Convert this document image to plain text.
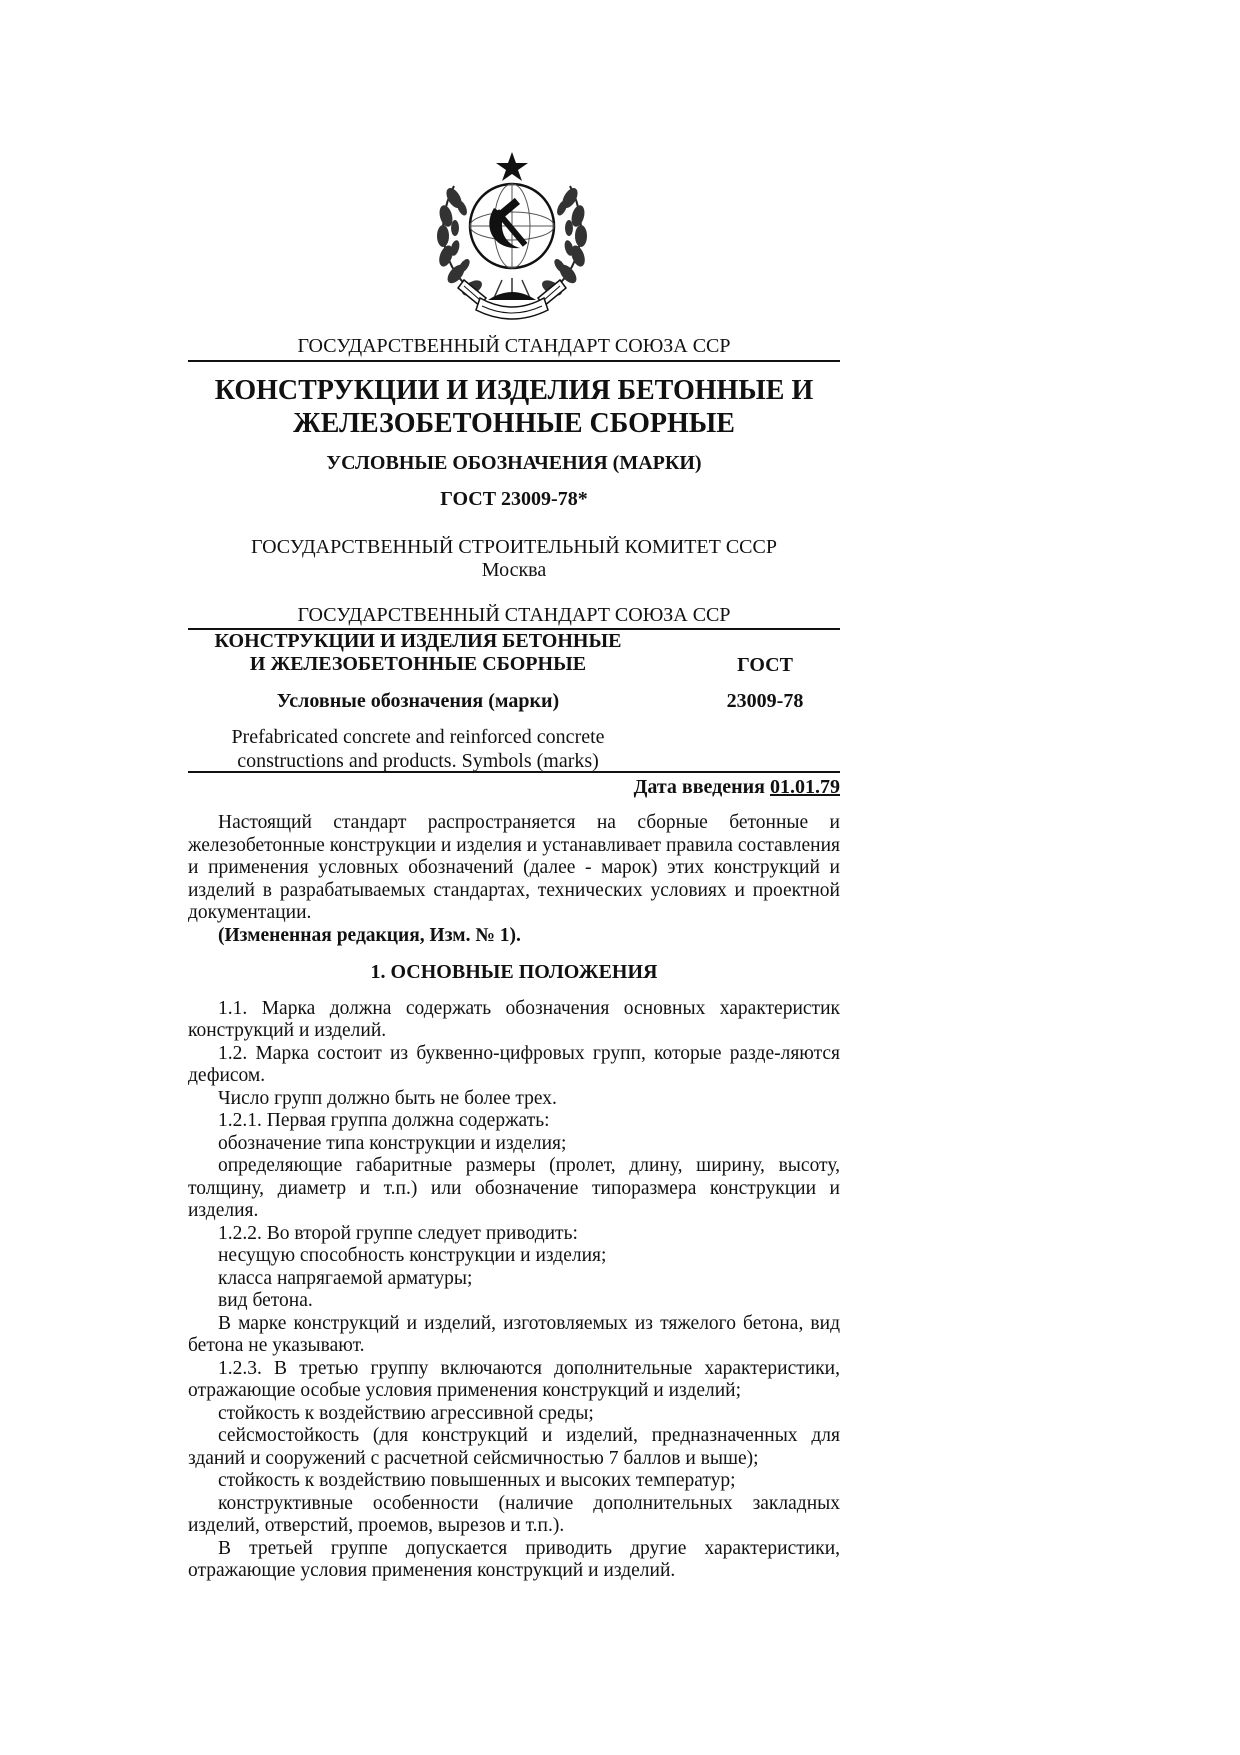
ГОСУДАРСТВЕННЫЙ СТАНДАРТ СОЮЗА ССР
КОНСТРУКЦИИ И ИЗДЕЛИЯ БЕТОННЫЕ И
ЖЕЛЕЗОБЕТОННЫЕ СБОРНЫЕ
УСЛОВНЫЕ ОБОЗНАЧЕНИЯ (МАРКИ)
ГОСТ 23009-78*
ГОСУДАРСТВЕННЫЙ СТРОИТЕЛЬНЫЙ КОМИТЕТ СССР
Москва
ГОСУДАРСТВЕННЫЙ СТАНДАРТ СОЮЗА ССР
КОНСТРУКЦИИ И ИЗДЕЛИЯ БЕТОННЫЕ
И ЖЕЛЕЗОБЕТОННЫЕ СБОРНЫЕ	ГОСТ
Условные обозначения (марки)	23009-78
Prefabricated concrete and reinforced concrete
constructions and products. Symbols (marks)
Дата введения 01.01.79

Настоящий стандарт распространяется на сборные бетонные и железобетонные конструкции и изделия и устанавливает правила составления и применения условных обозначений (далее - марок) этих конструкций и изделий в разрабатываемых стандартах, технических условиях и проектной документации.

(Измененная редакция, Изм. № 1).

1. ОСНОВНЫЕ ПОЛОЖЕНИЯ

1.1. Марка должна содержать обозначения основных характеристик конструкций и изделий.

1.2. Марка состоит из буквенно-цифровых групп, которые разде-ляются дефисом.

Число групп должно быть не более трех.

1.2.1. Первая группа должна содержать:

обозначение типа конструкции и изделия;

определяющие габаритные размеры (пролет, длину, ширину, высоту, толщину, диаметр и т.п.) или обозначение типоразмера конструкции и изделия.

1.2.2. Во второй группе следует приводить:

несущую способность конструкции и изделия;

класса напрягаемой арматуры;

вид бетона.

В марке конструкций и изделий, изготовляемых из тяжелого бетона, вид бетона не указывают.

1.2.3. В третью группу включаются дополнительные характеристики, отражающие особые условия применения конструкций и изделий;

стойкость к воздействию агрессивной среды;

сейсмостойкость (для конструкций и изделий, предназначенных для зданий и сооружений с расчетной сейсмичностью 7 баллов и выше);

стойкость к воздействию повышенных и высоких температур;

конструктивные особенности (наличие дополнительных закладных изделий, отверстий, проемов, вырезов и т.п.).

В третьей группе допускается приводить другие характеристики, отражающие условия применения конструкций и изделий.
